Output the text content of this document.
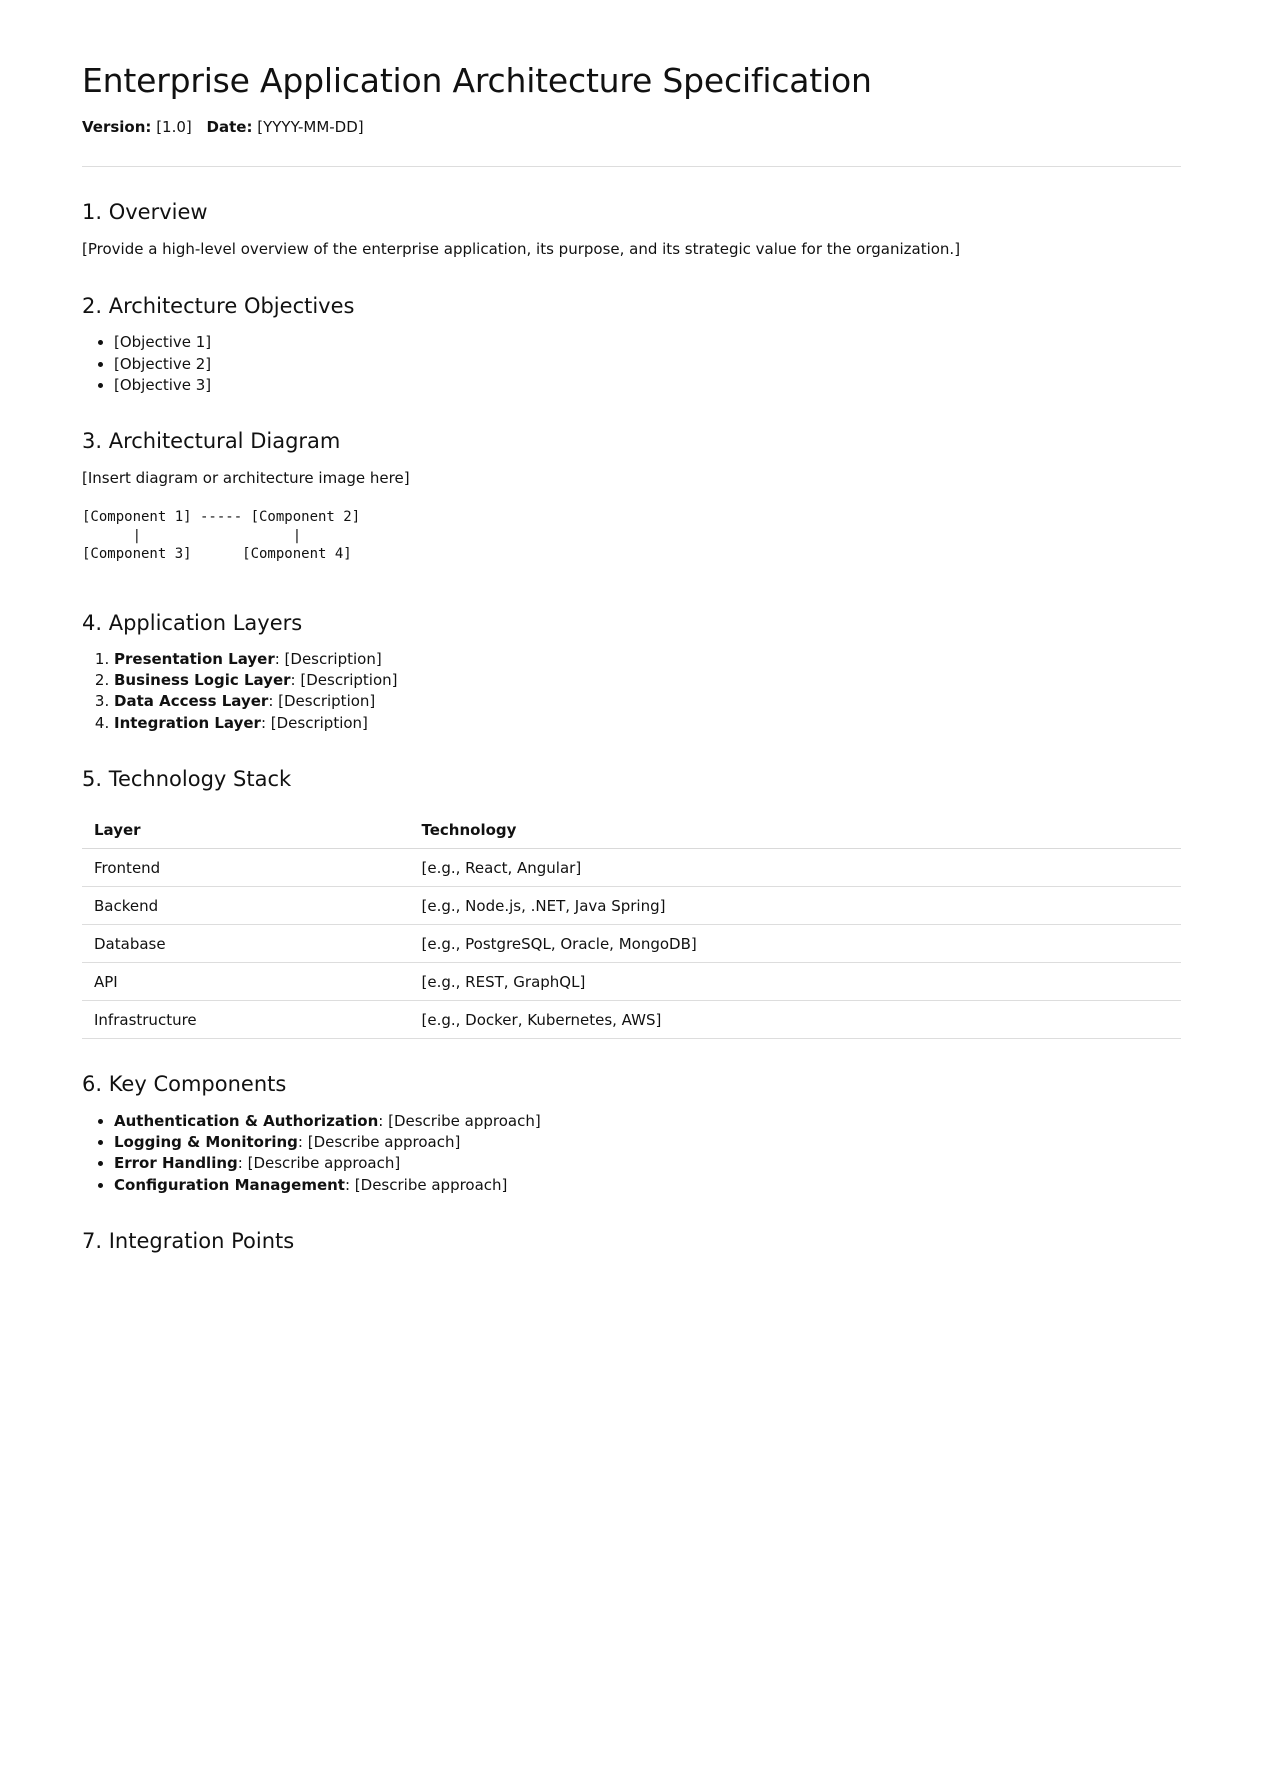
Enterprise Application Architecture Specification
Version: [1.0] Date: [YYYY-MM-DD]
1. Overview

[Provide a high-level overview of the enterprise application, its purpose, and its strategic value for the organization.]

2. Architecture Objectives
• [Objective 1]
• [Objective 2]
• [Objective 3]
3. Architectural Diagram

[Insert diagram or architecture image here]

[Component 1] ----- [Component 2]
|                  |
[Component 3]      [Component 4]
4. Application Layers
1. Presentation Layer: [Description]
2. Business Logic Layer: [Description]
3. Data Access Layer: [Description]
4. Integration Layer: [Description]
5. Technology Stack
Layer	Technology
Frontend	[e.g., React, Angular]
Backend	[e.g., Node.js, .NET, Java Spring]
Database	[e.g., PostgreSQL, Oracle, MongoDB]
API	[e.g., REST, GraphQL]
Infrastructure	[e.g., Docker, Kubernetes, AWS]
6. Key Components
• Authentication & Authorization: [Describe approach]
• Logging & Monitoring: [Describe approach]
• Error Handling: [Describe approach]
• Configuration Management: [Describe approach]
7. Integration Points
